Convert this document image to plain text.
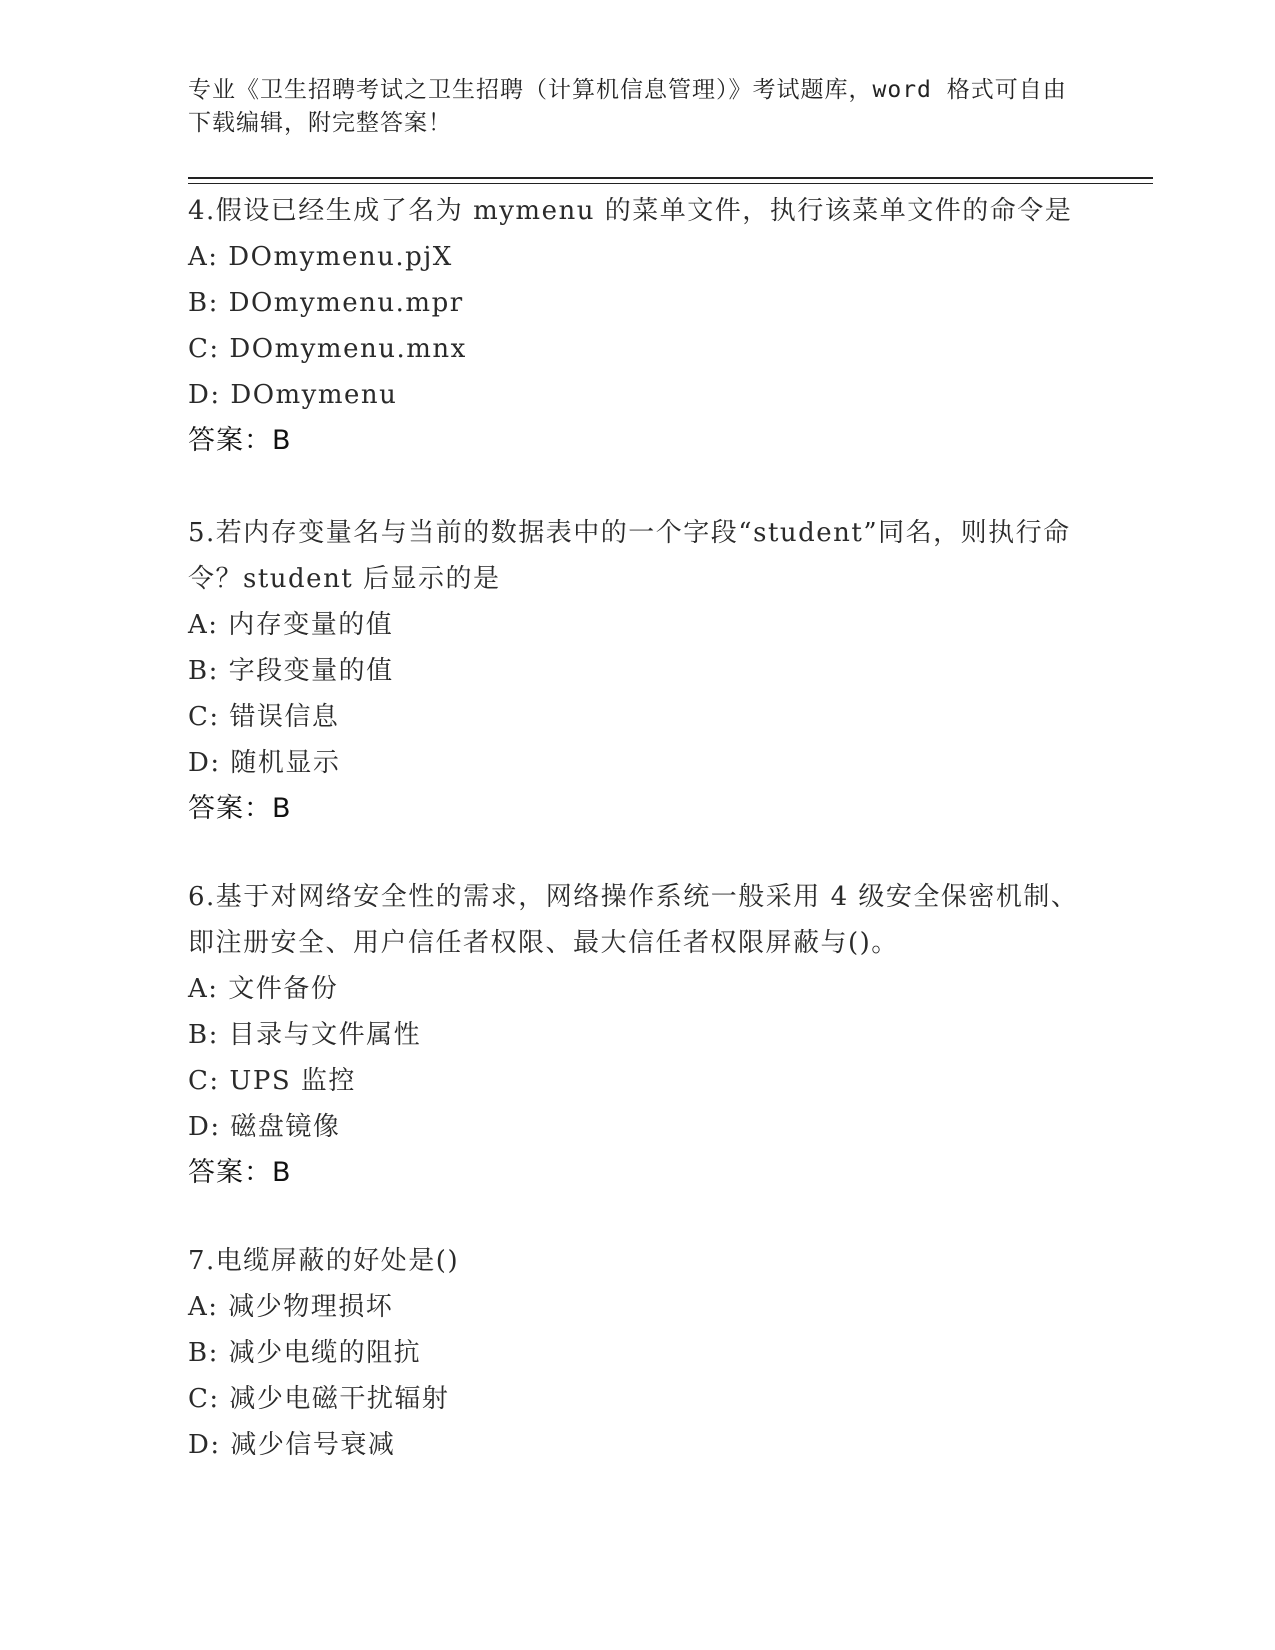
专业《卫生招聘考试之卫生招聘（计算机信息管理）》考试题库，word 格式可自由下载编辑，附完整答案！

4.假设已经生成了名为 mymenu 的菜单文件，执行该菜单文件的命令是

A: DOmymenu.pjX

B: DOmymenu.mpr

C: DOmymenu.mnx

D: DOmymenu

答案：B

5.若内存变量名与当前的数据表中的一个字段“student”同名，则执行命令？student 后显示的是

A: 内存变量的值

B: 字段变量的值

C: 错误信息

D: 随机显示

答案：B

6.基于对网络安全性的需求，网络操作系统一般采用 4 级安全保密机制、即注册安全、用户信任者权限、最大信任者权限屏蔽与()。

A: 文件备份

B: 目录与文件属性

C: UPS 监控

D: 磁盘镜像

答案：B

7.电缆屏蔽的好处是()

A: 减少物理损坏

B: 减少电缆的阻抗

C: 减少电磁干扰辐射

D: 减少信号衰减
